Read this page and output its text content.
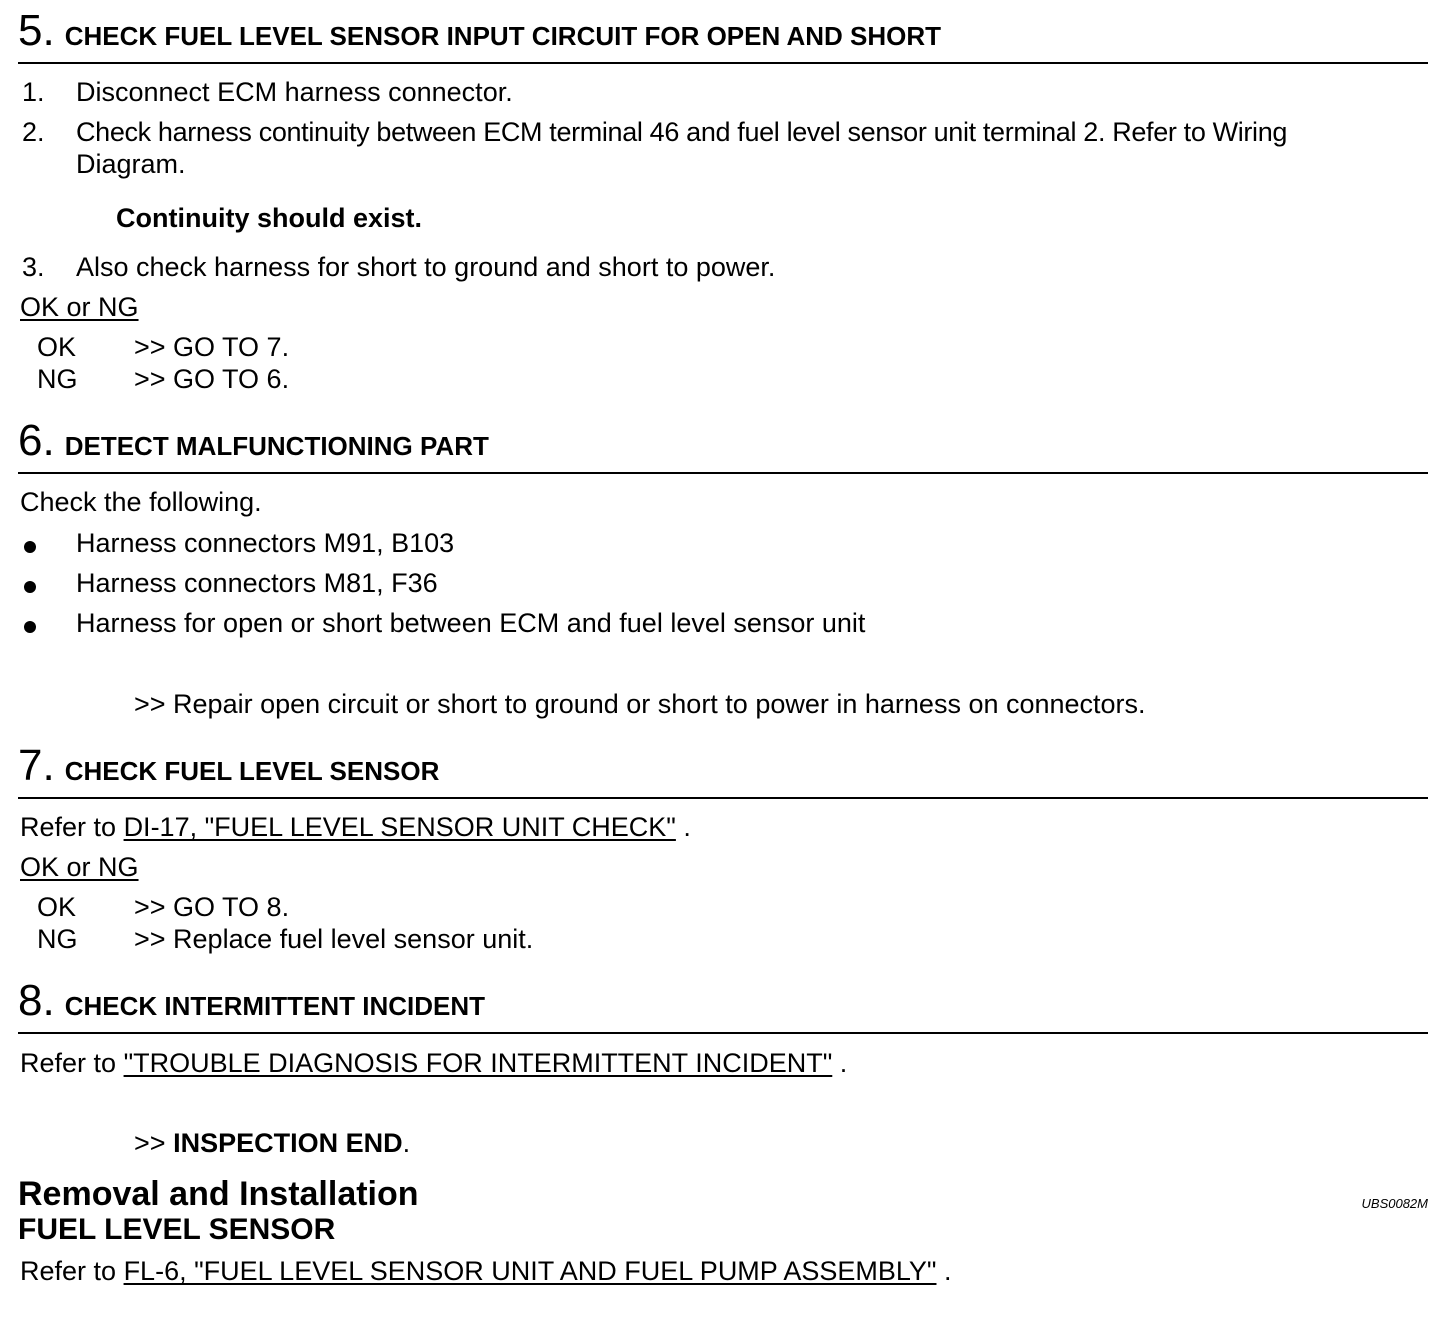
5. CHECK FUEL LEVEL SENSOR INPUT CIRCUIT FOR OPEN AND SHORT
1. Disconnect ECM harness connector.
2. Check harness continuity between ECM terminal 46 and fuel level sensor unit terminal 2. Refer to Wiring
Diagram.
Continuity should exist.
3. Also check harness for short to ground and short to power.
OK or NG
OK >> GO TO 7.
NG >> GO TO 6.
6. DETECT MALFUNCTIONING PART
Check the following.
Harness connectors M91, B103
Harness connectors M81, F36
Harness for open or short between ECM and fuel level sensor unit
>> Repair open circuit or short to ground or short to power in harness on connectors.
7. CHECK FUEL LEVEL SENSOR
Refer to DI-17, "FUEL LEVEL SENSOR UNIT CHECK" .
OK or NG
OK >> GO TO 8.
NG >> Replace fuel level sensor unit.
8. CHECK INTERMITTENT INCIDENT
Refer to "TROUBLE DIAGNOSIS FOR INTERMITTENT INCIDENT" .
>> INSPECTION END.
Removal and Installation	UBS0082M
FUEL LEVEL SENSOR
Refer to FL-6, "FUEL LEVEL SENSOR UNIT AND FUEL PUMP ASSEMBLY" .
